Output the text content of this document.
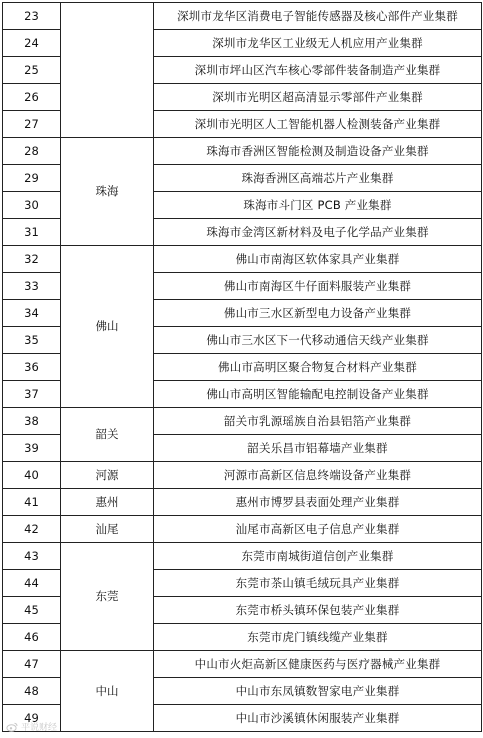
23		深圳市龙华区消费电子智能传感器及核心部件产业集群
24		深圳市龙华区工业级无人机应用产业集群
25		深圳市坪山区汽车核心零部件装备制造产业集群
26		深圳市光明区超高清显示零部件产业集群
27		深圳市光明区人工智能机器人检测装备产业集群
28	珠海	珠海市香洲区智能检测及制造设备产业集群
29		珠海香洲区高端芯片产业集群
30		珠海市斗门区 PCB 产业集群
31		珠海市金湾区新材料及电子化学品产业集群
32	佛山	佛山市南海区软体家具产业集群
33		佛山市南海区牛仔面料服装产业集群
34		佛山市三水区新型电力设备产业集群
35		佛山市三水区下一代移动通信天线产业集群
36		佛山市高明区聚合物复合材料产业集群
37		佛山市高明区智能输配电控制设备产业集群
38	韶关	韶关市乳源瑶族自治县铝箔产业集群
39		韶关乐昌市铝幕墙产业集群
40	河源	河源市高新区信息终端设备产业集群
41	惠州	惠州市博罗县表面处理产业集群
42	汕尾	汕尾市高新区电子信息产业集群
43	东莞	东莞市南城街道信创产业集群
44		东莞市茶山镇毛绒玩具产业集群
45		东莞市桥头镇环保包装产业集群
46		东莞市虎门镇线缆产业集群
47	中山	中山市火炬高新区健康医药与医疗器械产业集群
48		中山市东凤镇数智家电产业集群
49		中山市沙溪镇休闲服装产业集群
平说财经
